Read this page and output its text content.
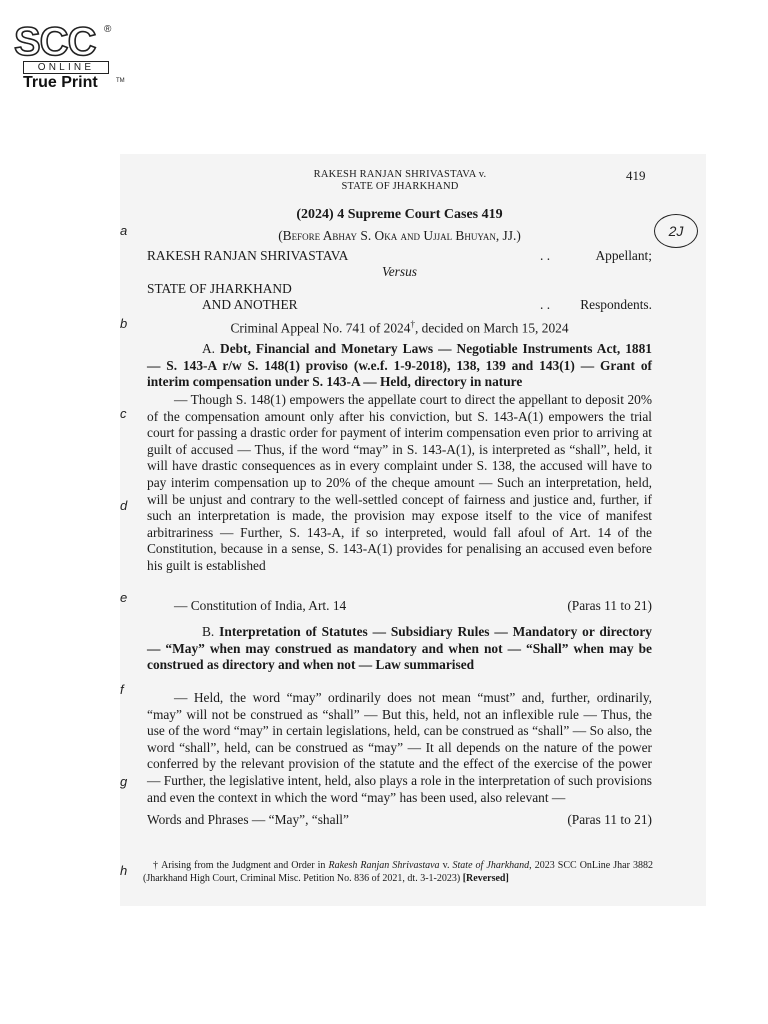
SCC ®
ONLINE
True Print	TM
RAKESH RANJAN SHRIVASTAVA v.
STATE OF JHARKHAND
419
a
b
c
d
e
f
g
h
2J
(2024) 4 Supreme Court Cases 419
(Before Abhay S. Oka and Ujjal Bhuyan, JJ.)
RAKESH RANJAN SHRIVASTAVA	. .	Appellant;
Versus
STATE OF JHARKHAND
AND ANOTHER	. . Respondents.
Criminal Appeal No. 741 of 2024†, decided on March 15, 2024
A. Debt, Financial and Monetary Laws — Negotiable Instruments Act, 1881 — S. 143-A r/w S. 148(1) proviso (w.e.f. 1-9-2018), 138, 139 and 143(1) — Grant of interim compensation under S. 143-A — Held, directory in nature
— Though S. 148(1) empowers the appellate court to direct the appellant to deposit 20% of the compensation amount only after his conviction, but S. 143-A(1) empowers the trial court for passing a drastic order for payment of interim compensation even prior to arriving at guilt of accused — Thus, if the word “may” in S. 143-A(1), is interpreted as “shall”, held, it will have drastic consequences as in every complaint under S. 138, the accused will have to pay interim compensation up to 20% of the cheque amount — Such an interpretation, held, will be unjust and contrary to the well-settled concept of fairness and justice and, further, if such an interpretation is made, the provision may expose itself to the vice of manifest arbitrariness — Further, S. 143-A, if so interpreted, would fall afoul of Art. 14 of the Constitution, because in a sense, S. 143-A(1) provides for penalising an accused even before his guilt is established
— Constitution of India, Art. 14	(Paras 11 to 21)
B. Interpretation of Statutes — Subsidiary Rules — Mandatory or directory — “May” when may construed as mandatory and when not — “Shall” when may be construed as directory and when not — Law summarised
— Held, the word “may” ordinarily does not mean “must” and, further, ordinarily, “may” will not be construed as “shall” — But this, held, not an inflexible rule — Thus, the use of the word “may” in certain legislations, held, can be construed as “shall” — So also, the word “shall”, held, can be construed as “may” — It all depends on the nature of the power conferred by the relevant provision of the statute and the effect of the exercise of the power — Further, the legislative intent, held, also plays a role in the interpretation of such provisions and even the context in which the word “may” has been used, also relevant —
Words and Phrases — “May”, “shall”	(Paras 11 to 21)
† Arising from the Judgment and Order in Rakesh Ranjan Shrivastava v. State of Jharkhand, 2023 SCC OnLine Jhar 3882 (Jharkhand High Court, Criminal Misc. Petition No. 836 of 2021, dt. 3-1-2023) [Reversed]
